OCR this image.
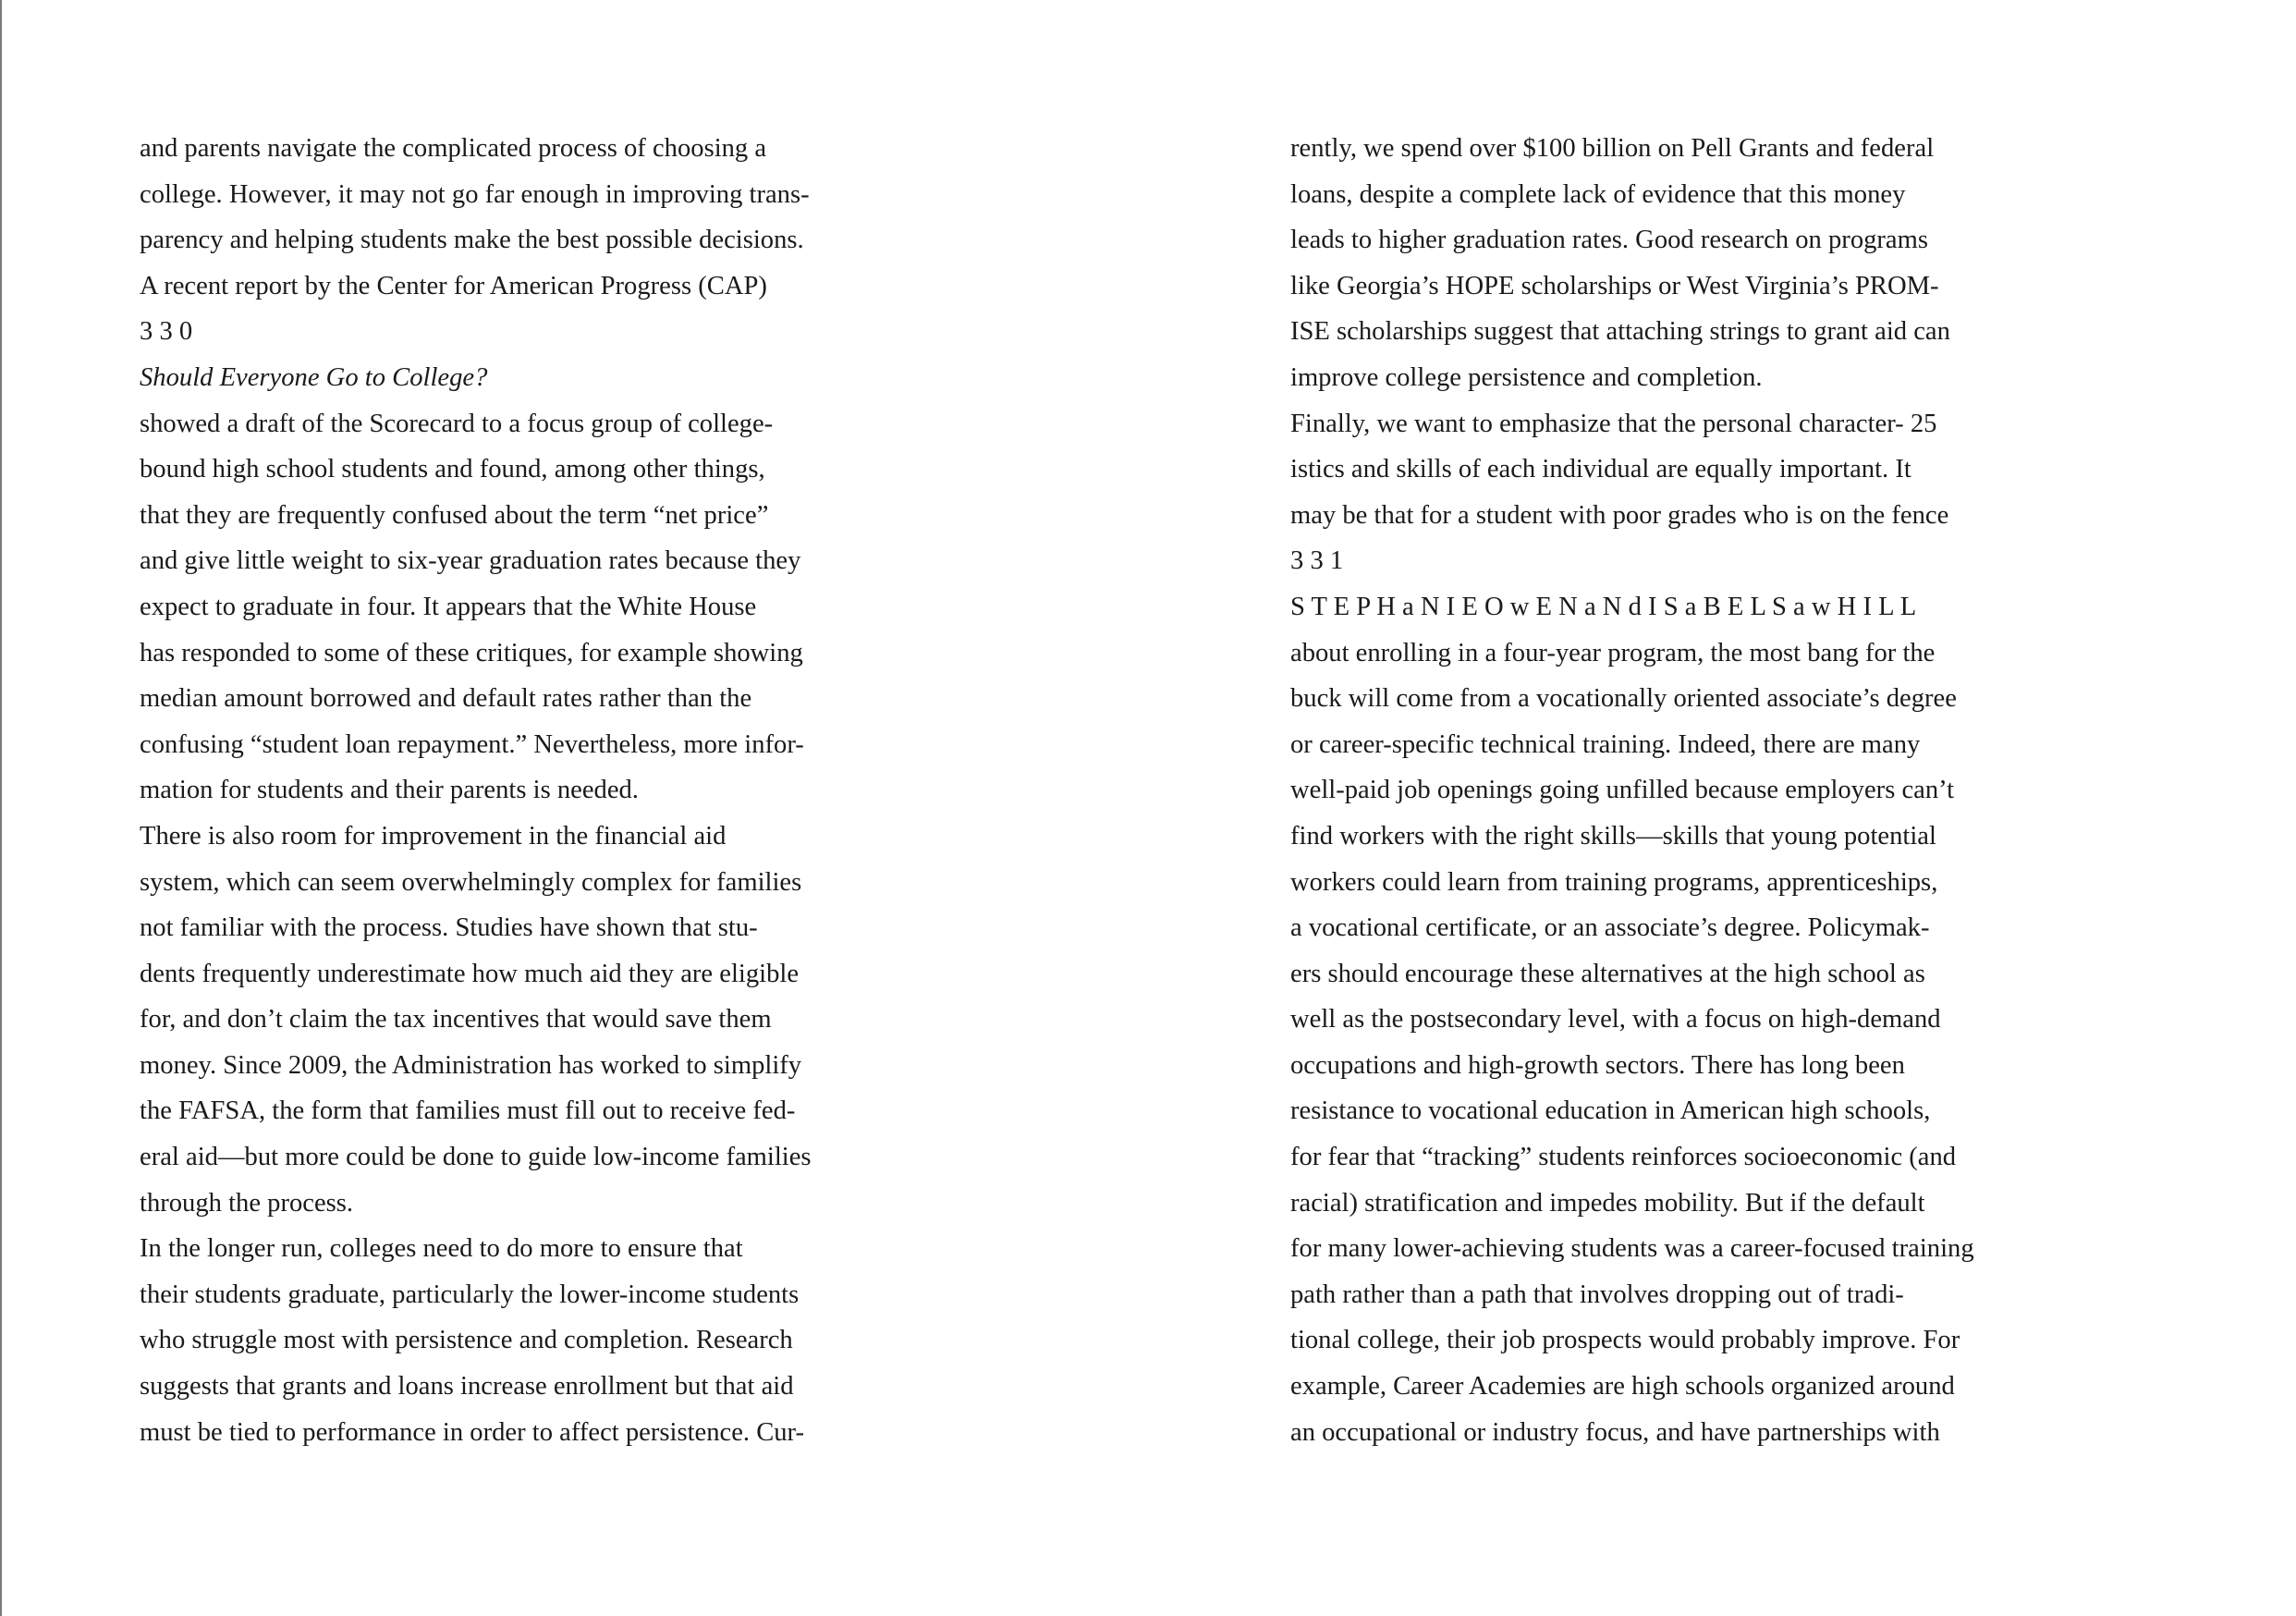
and parents navigate the complicated process of choosing a
college. However, it may not go far enough in improving trans-
parency and helping students make the best possible decisions.
A recent report by the Center for American Progress (CAP)
3 3 0
Should Everyone Go to College?
showed a draft of the Scorecard to a focus group of college-
bound high school students and found, among other things,
that they are frequently confused about the term “net price”
and give little weight to six-year graduation rates because they
expect to graduate in four. It appears that the White House
has responded to some of these critiques, for example showing
median amount borrowed and default rates rather than the
confusing “student loan repayment.” Nevertheless, more infor-
mation for students and their parents is needed.
There is also room for improvement in the financial aid
system, which can seem overwhelmingly complex for families
not familiar with the process. Studies have shown that stu-
dents frequently underestimate how much aid they are eligible
for, and don’t claim the tax incentives that would save them
money. Since 2009, the Administration has worked to simplify
the FAFSA, the form that families must fill out to receive fed-
eral aid—but more could be done to guide low-income families
through the process.
In the longer run, colleges need to do more to ensure that
their students graduate, particularly the lower-income students
who struggle most with persistence and completion. Research
suggests that grants and loans increase enrollment but that aid
must be tied to performance in order to affect persistence. Cur-
rently, we spend over $100 billion on Pell Grants and federal
loans, despite a complete lack of evidence that this money
leads to higher graduation rates. Good research on programs
like Georgia’s HOPE scholarships or West Virginia’s PROM-
ISE scholarships suggest that attaching strings to grant aid can
improve college persistence and completion.
Finally, we want to emphasize that the personal character- 25
istics and skills of each individual are equally important. It
may be that for a student with poor grades who is on the fence
3 3 1
S T E P H a N I E O w E N a N d I S a B E L S a w H I L L
about enrolling in a four-year program, the most bang for the
buck will come from a vocationally oriented associate’s degree
or career-specific technical training. Indeed, there are many
well-paid job openings going unfilled because employers can’t
find workers with the right skills—skills that young potential
workers could learn from training programs, apprenticeships,
a vocational certificate, or an associate’s degree. Policymak-
ers should encourage these alternatives at the high school as
well as the postsecondary level, with a focus on high-demand
occupations and high-growth sectors. There has long been
resistance to vocational education in American high schools,
for fear that “tracking” students reinforces socioeconomic (and
racial) stratification and impedes mobility. But if the default
for many lower-achieving students was a career-focused training
path rather than a path that involves dropping out of tradi-
tional college, their job prospects would probably improve. For
example, Career Academies are high schools organized around
an occupational or industry focus, and have partnerships with
